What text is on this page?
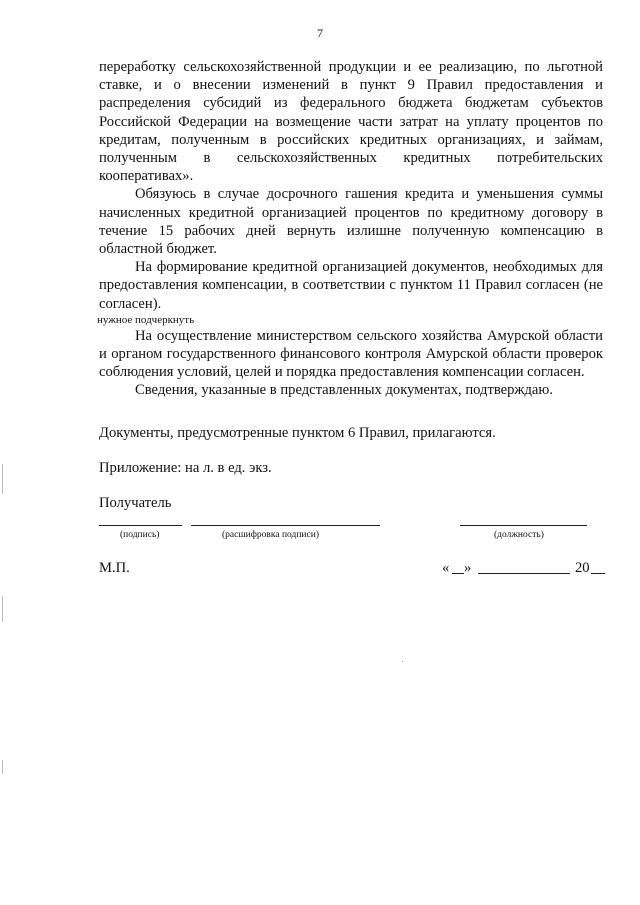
7

переработку сельскохозяйственной продукции и ее реализацию, по льготной ставке, и о внесении изменений в пункт 9 Правил предоставления и распределения субсидий из федерального бюджета бюджетам субъектов Российской Федерации на возмещение части затрат на уплату процентов по кредитам, полученным в российских кредитных организациях, и займам, полученным в сельскохозяйственных кредитных потребительских кооперативах».

Обязуюсь в случае досрочного гашения кредита и уменьшения суммы начисленных кредитной организацией процентов по кредитному договору в течение 15 рабочих дней вернуть излишне полученную компенсацию в областной бюджет.

На формирование кредитной организацией документов, необходимых для предоставления компенсации, в соответствии с пунктом 11 Правил согласен (не согласен).

нужное подчеркнуть

На осуществление министерством сельского хозяйства Амурской области и органом государственного финансового контроля Амурской области проверок соблюдения условий, целей и порядка предоставления компенсации согласен.

Сведения, указанные в представленных документах, подтверждаю.

Документы, предусмотренные пунктом 6 Правил, прилагаются.
Приложение: на л. в ед. экз.
Получатель
(подпись)	(расшифровка подписи)	(должность)
М.П.	« »	20
